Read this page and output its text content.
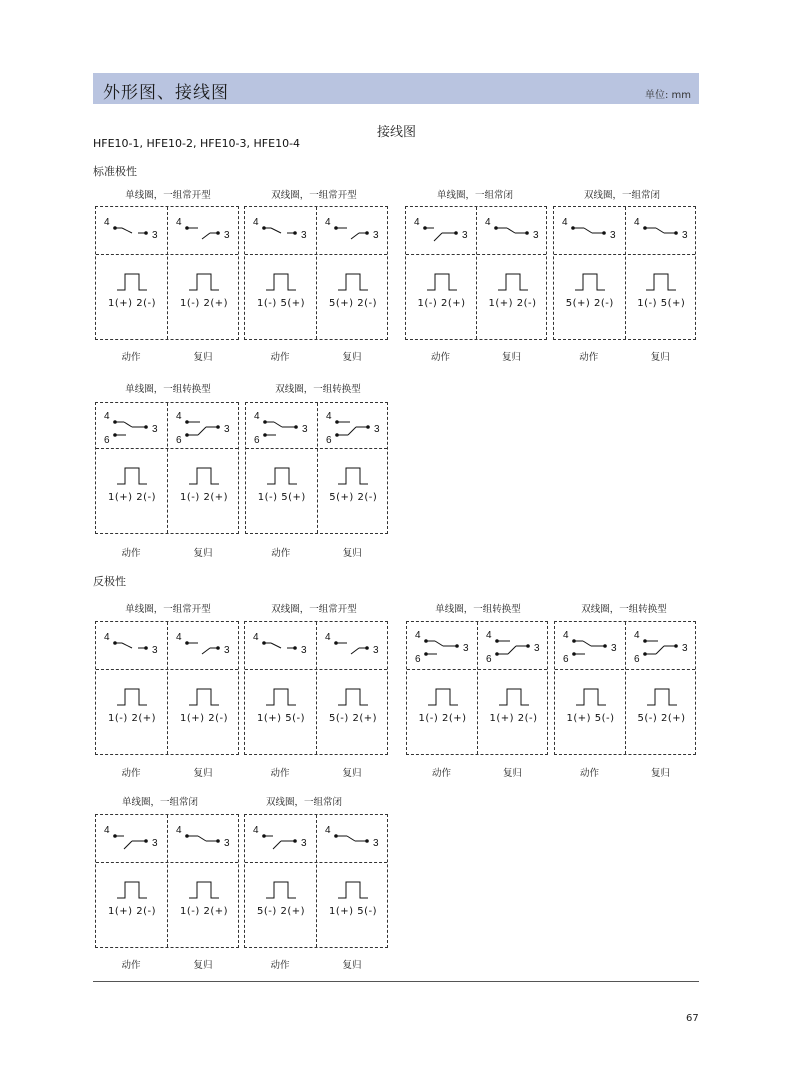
外形图、接线图	单位: mm
接线图
HFE10-1, HFE10-2, HFE10-3, HFE10-4
标准极性
反极性
单线圈，一组常开型	双线圈，一组常开型	单线圈，一组常闭	双线圈，一组常闭
单线圈，一组转换型	双线圈，一组转换型
单线圈，一组常开型	双线圈，一组常开型	单线圈，一组转换型	双线圈，一组转换型
单线圈，一组常闭	双线圈，一组常闭
动作	复归
4
3
1(+) 2(-)
4
3
1(-) 2(+)
动作	复归
4
3
1(-) 5(+)
4
3
5(+) 2(-)
动作	复归
4
3
1(-) 2(+)
4
3
1(+) 2(-)
动作	复归
4
3
5(+) 2(-)
4
3
1(-) 5(+)
动作	复归
4
3
6
1(+) 2(-)
4
3
6
1(-) 2(+)
动作	复归
4
3
6
1(-) 5(+)
4
3
6
5(+) 2(-)
动作	复归
4
3
1(-) 2(+)
4
3
1(+) 2(-)
动作	复归
4
3
1(+) 5(-)
4
3
5(-) 2(+)
动作	复归
4
3
6
1(-) 2(+)
4
3
6
1(+) 2(-)
动作	复归
4
3
6
1(+) 5(-)
4
3
6
5(-) 2(+)
动作	复归
4
3
1(+) 2(-)
4
3
1(-) 2(+)
动作	复归
4
3
5(-) 2(+)
4
3
1(+) 5(-)
67
